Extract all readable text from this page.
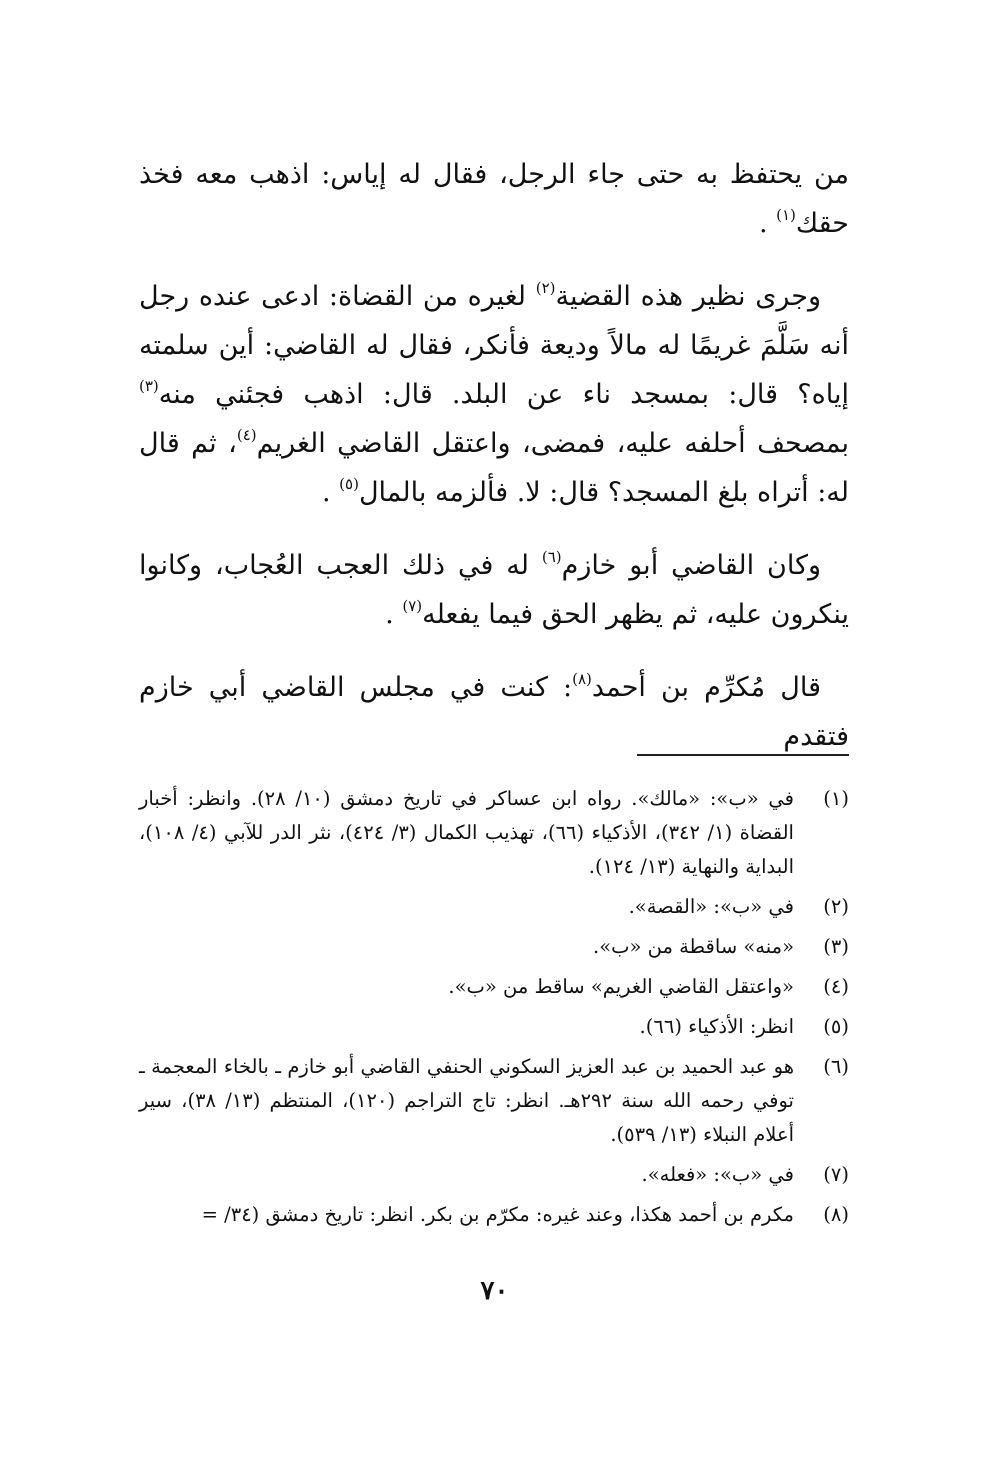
من يحتفظ به حتى جاء الرجل، فقال له إياس: اذهب معه فخذ حقك$^{(١)}$ .

وجرى نظير هذه القضية$^{(٢)}$ لغيره من القضاة: ادعى عنده رجل أنه سَلَّمَ غريمًا له مالاً وديعة فأنكر، فقال له القاضي: أين سلمته إياه؟ قال: بمسجد ناء عن البلد. قال: اذهب فجئني منه$^{(٣)}$ بمصحف أحلفه عليه، فمضى، واعتقل القاضي الغريم$^{(٤)}$، ثم قال له: أتراه بلغ المسجد؟ قال: لا. فألزمه بالمال$^{(٥)}$ .

وكان القاضي أبو خازم$^{(٦)}$ له في ذلك العجب العُجاب، وكانوا ينكرون عليه، ثم يظهر الحق فيما يفعله$^{(٧)}$ .

قال مُكرِّم بن أحمد$^{(٨)}$: كنت في مجلس القاضي أبي خازم فتقدم

(١)
في «ب»: «مالك». رواه ابن عساكر في تاريخ دمشق (١٠/ ٢٨). وانظر: أخبار القضاة (١/ ٣٤٢)، الأذكياء (٦٦)، تهذيب الكمال (٣/ ٤٢٤)، نثر الدر للآبي (٤/ ١٠٨)، البداية والنهاية (١٣/ ١٢٤).
(٢)
في «ب»: «القصة».
(٣)
«منه» ساقطة من «ب».
(٤)
«واعتقل القاضي الغريم» ساقط من «ب».
(٥)
انظر: الأذكياء (٦٦).
(٦)
هو عبد الحميد بن عبد العزيز السكوني الحنفي القاضي أبو خازم ـ بالخاء المعجمة ـ توفي رحمه الله سنة ٢٩٢هـ. انظر: تاج التراجم (١٢٠)، المنتظم (١٣/ ٣٨)، سير أعلام النبلاء (١٣/ ٥٣٩).
(٧)
في «ب»: «فعله».
(٨)
مكرم بن أحمد هكذا، وعند غيره: مكرّم بن بكر. انظر: تاريخ دمشق (٣٤/ =
٧٠
